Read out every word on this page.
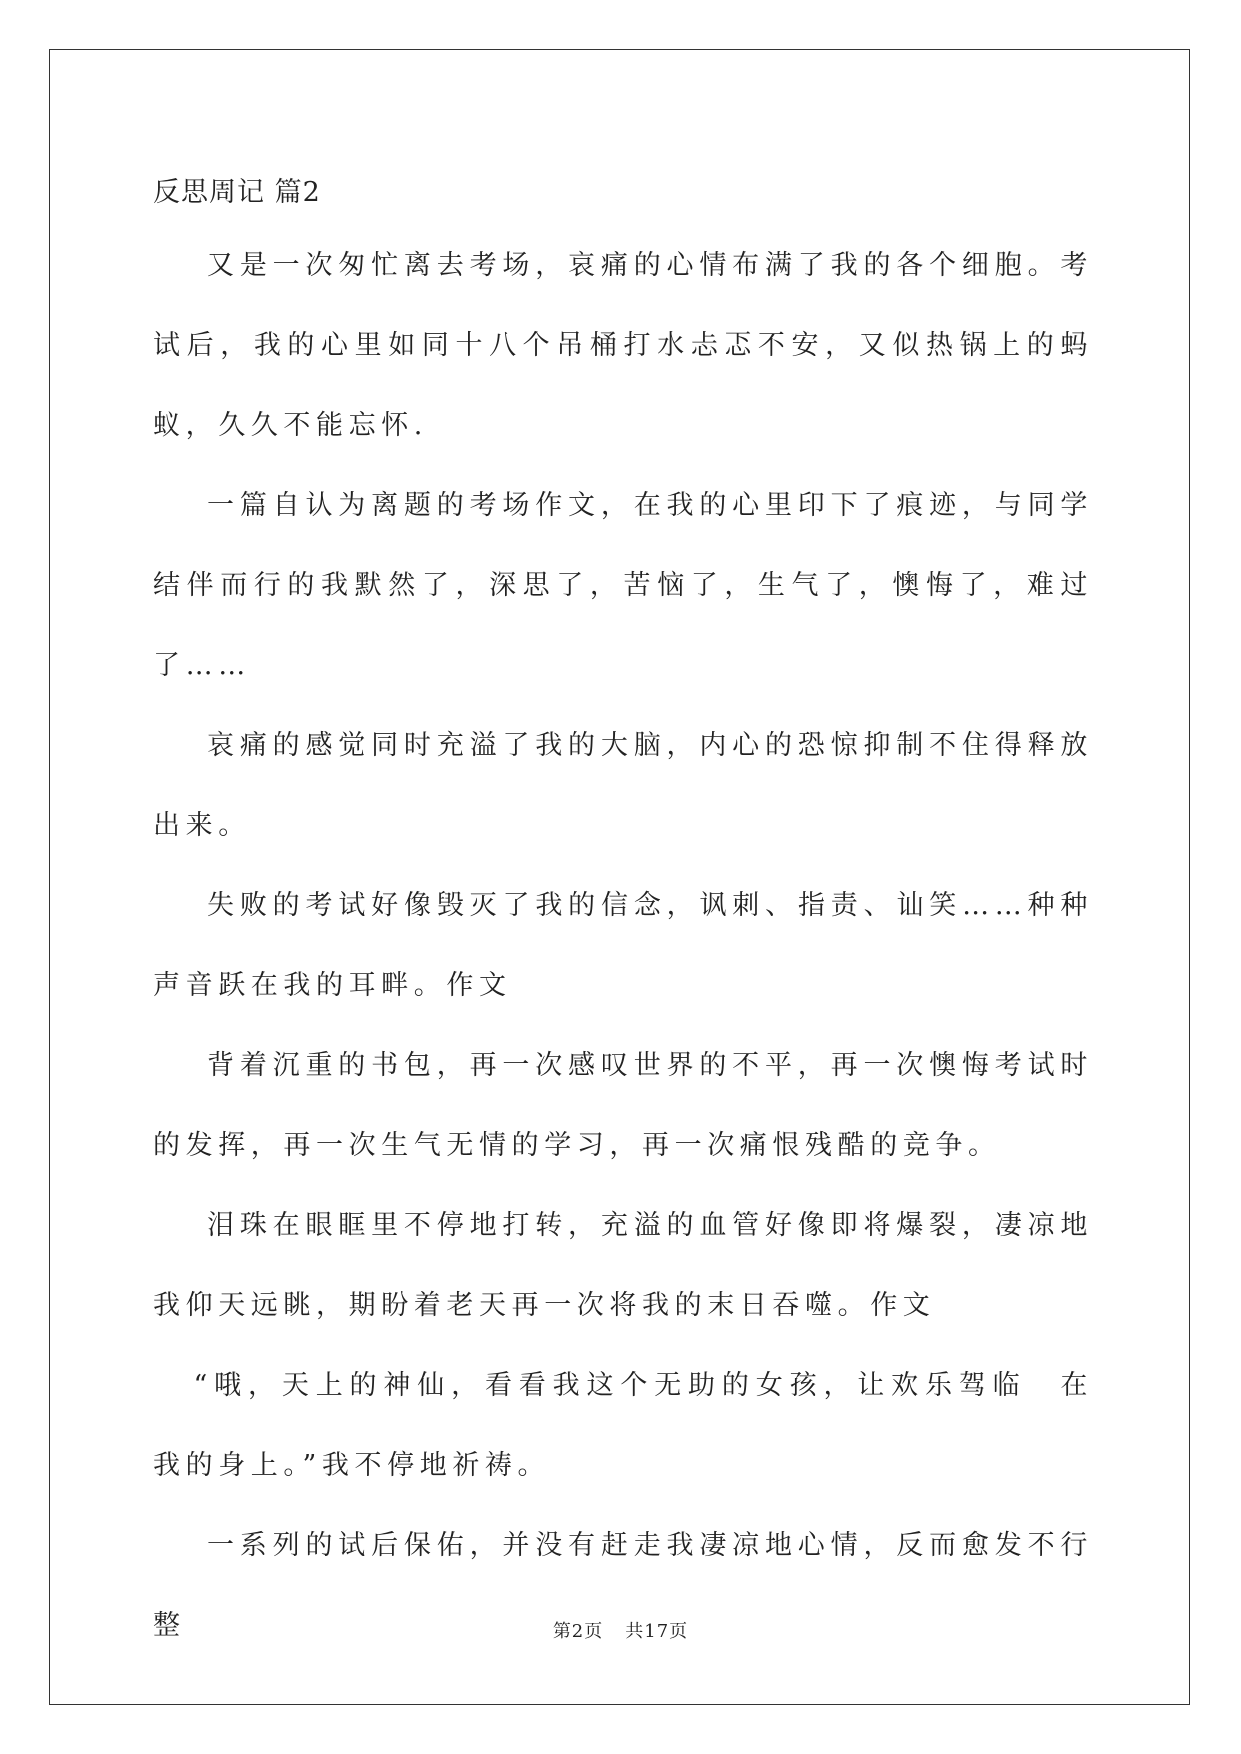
反思周记 篇2

又是一次匆忙离去考场，哀痛的心情布满了我的各个细胞。考试后，我的心里如同十八个吊桶打水忐忑不安，又似热锅上的蚂蚁，久久不能忘怀.

一篇自认为离题的考场作文，在我的心里印下了痕迹，与同学结伴而行的我默然了，深思了，苦恼了，生气了，懊悔了，难过了……

哀痛的感觉同时充溢了我的大脑，内心的恐惊抑制不住得释放出来。

失败的考试好像毁灭了我的信念，讽刺、指责、讪笑……种种声音跃在我的耳畔。作文

背着沉重的书包，再一次感叹世界的不平，再一次懊悔考试时的发挥，再一次生气无情的学习，再一次痛恨残酷的竞争。

泪珠在眼眶里不停地打转，充溢的血管好像即将爆裂，凄凉地我仰天远眺，期盼着老天再一次将我的末日吞噬。作文

“哦，天上的神仙，看看我这个无助的女孩，让欢乐驾临　在我的身上。”我不停地祈祷。

一系列的试后保佑，并没有赶走我凄凉地心情，反而愈发不行整	第2页 共17页
